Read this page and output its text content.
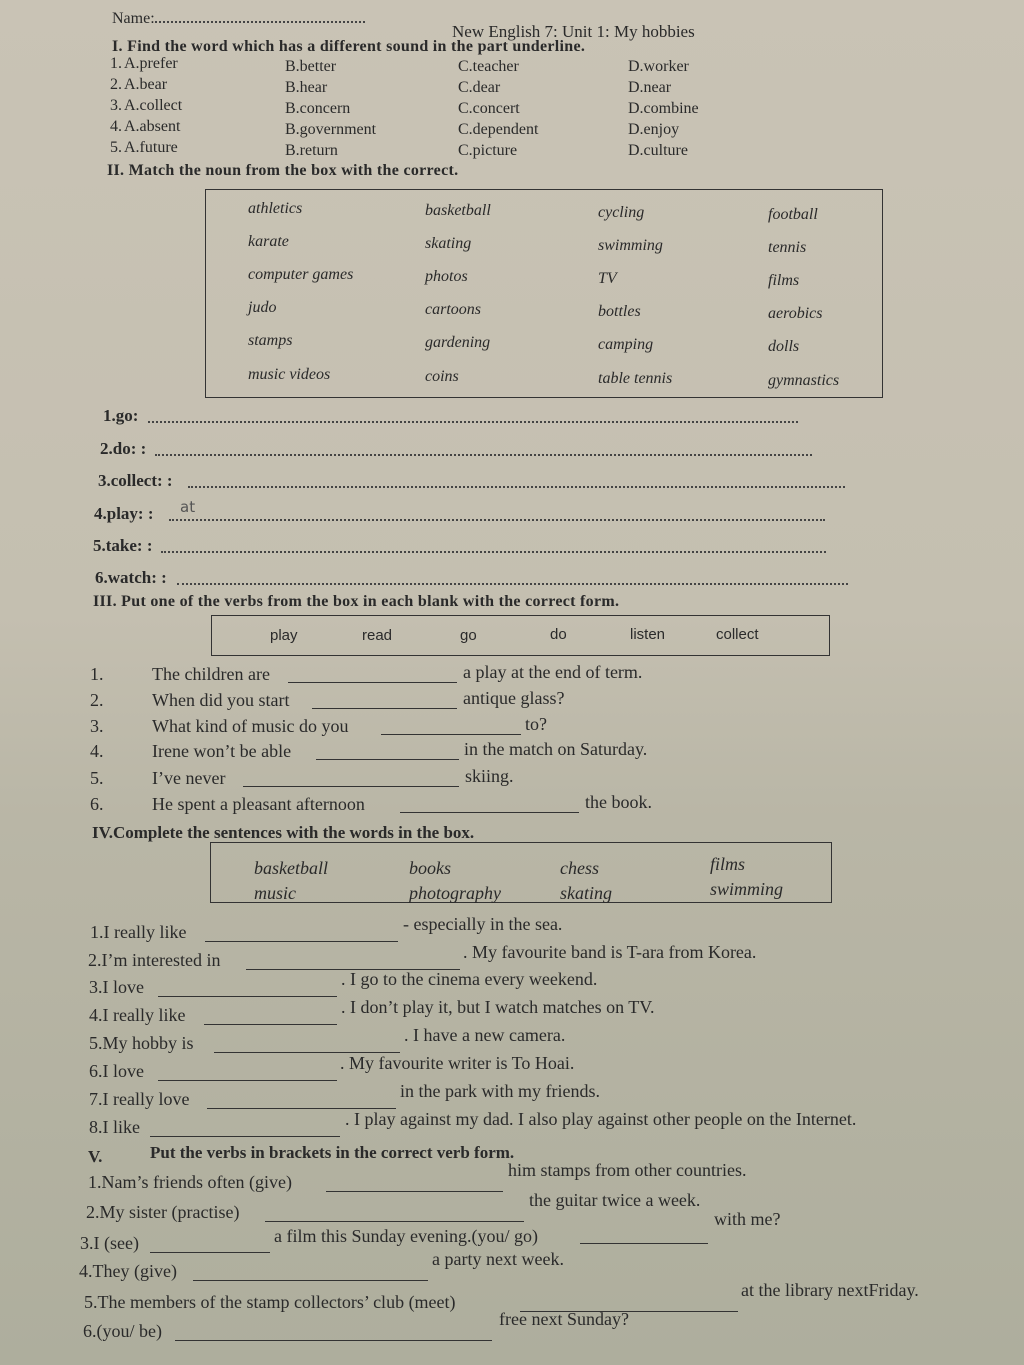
Name:
New English 7: Unit 1: My hobbies
I. Find the word which has a different sound in the part underline.
1. A.prefer	B.better	C.teacher	D.worker
2. A.bear	B.hear	C.dear	D.near
3. A.collect	B.concern	C.concert	D.combine
4. A.absent	B.government	C.dependent	D.enjoy
5. A.future	B.return	C.picture	D.culture
II. Match the noun from the box with the correct.
athletics	basketball	cycling	football
karate	skating	swimming	tennis
computer games	photos	TV	films
judo	cartoons	bottles	aerobics
stamps	gardening	camping	dolls
music videos	coins	table tennis	gymnastics
1.go:
2.do: :
3.collect: :
4.play: :
5.take: :
6.watch: :
at
III. Put one of the verbs from the box in each blank with the correct form.
play	read	go	do	listen	collect
1.	The children are	a play at the end of term.
2.	When did you start	antique glass?
3.	What kind of music do you	to?
4.	Irene won’t be able	in the match on Saturday.
5.	I’ve never	skiing.
6.	He spent a pleasant afternoon	the book.
IV.Complete the sentences with the words in the box.
basketball	books	chess	films
music	photography	skating	swimming
1.I really like	- especially in the sea.
2.I’m interested in	. My favourite band is T-ara from Korea.
3.I love	. I go to the cinema every weekend.
4.I really like	. I don’t play it, but I watch matches on TV.
5.My hobby is	. I have a new camera.
6.I love	. My favourite writer is To Hoai.
7.I really love	in the park with my friends.
8.I like	. I play against my dad. I also play against other people on the Internet.
V.	Put the verbs in brackets in the correct verb form.
1.Nam’s friends often (give)
him stamps from other countries.
2.My sister (practise)
the guitar twice a week.
3.I (see)	a film this Sunday evening.(you/ go)
with me?
4.They (give)
a party next week.
5.The members of the stamp collectors’ club (meet)
at the library nextFriday.
6.(you/ be)
free next Sunday?
